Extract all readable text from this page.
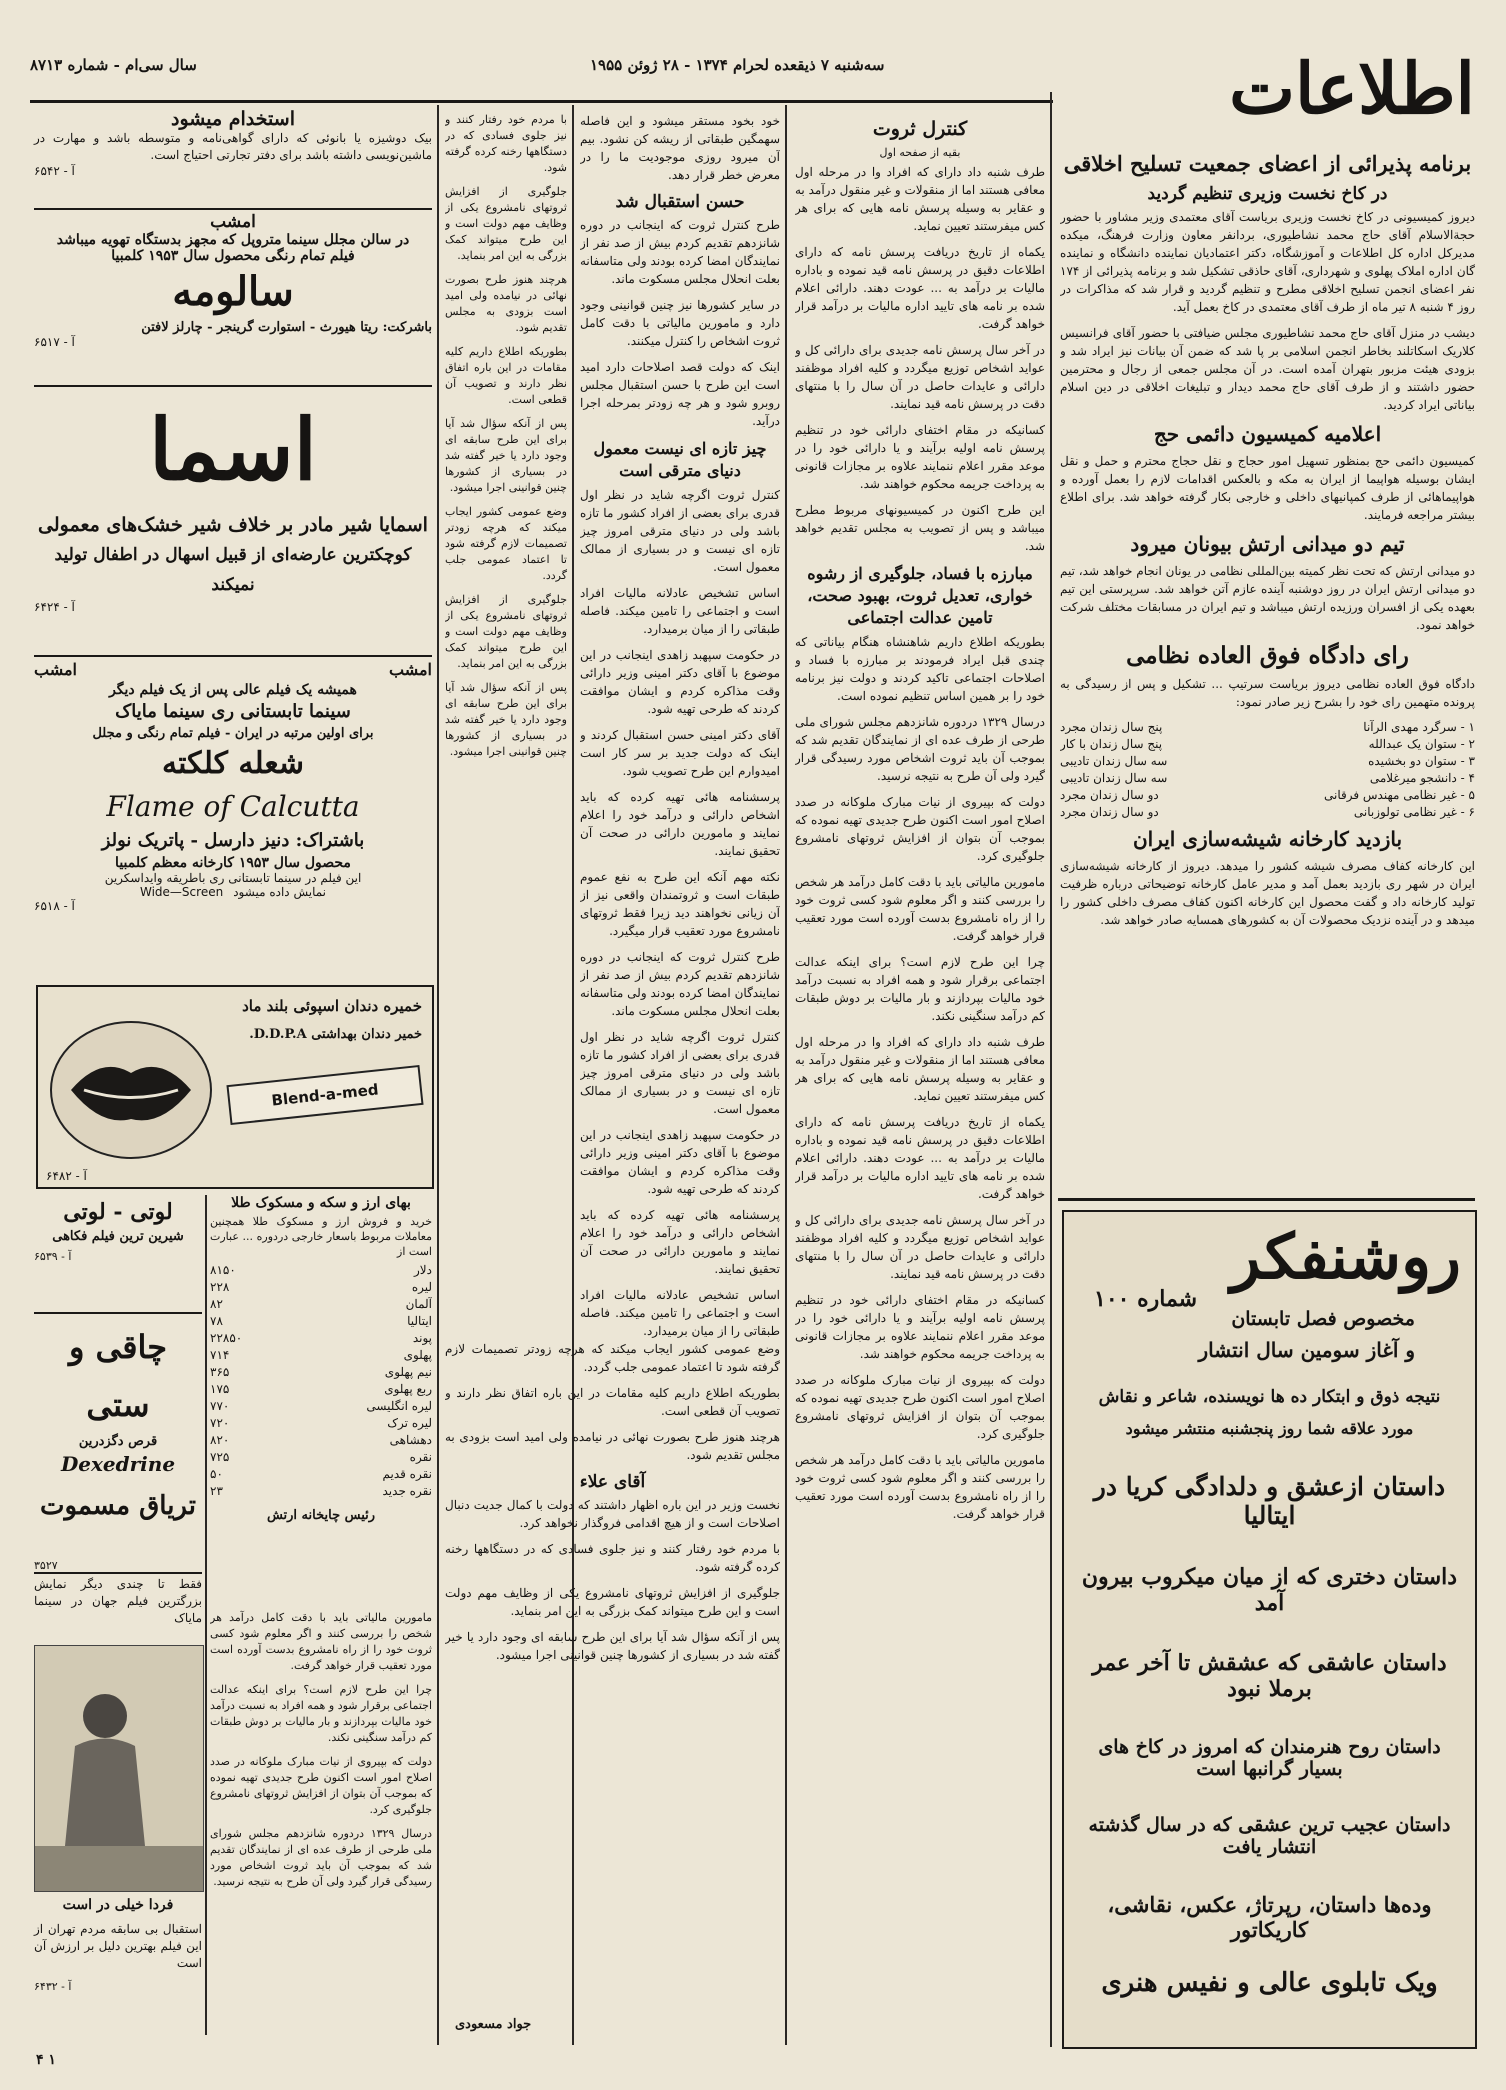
اطلاعات
سال سی‌ام - شماره ۸۷۱۳	سه‌شنبه ۷ ذیقعده لحرام ۱۳۷۴ - ۲۸ ژوئن ۱۹۵۵
برنامه پذیرائی از اعضای جمعیت تسلیح اخلاقی
در کاخ نخست وزیری تنظیم گردید

دیروز کمیسیونی در کاخ نخست وزیری بریاست آقای معتمدی وزیر مشاور با حضور حجةالاسلام آقای حاج محمد نشاطیوری، بردانفر معاون وزارت فرهنگ، میکده مدیرکل اداره کل اطلاعات و آموزشگاه، دکتر اعتمادیان نماینده دانشگاه و نماینده گان اداره املاک پهلوی و شهرداری، آقای حاذقی تشکیل شد و برنامه پذیرائی از ۱۷۴ نفر اعضای انجمن تسلیح اخلاقی مطرح و تنظیم گردید و قرار شد که مذاکرات در روز ۴ شنبه ۸ تیر ماه از طرف آقای معتمدی در کاخ بعمل آید.

دیشب در منزل آقای حاج محمد نشاطیوری مجلس ضیافتی با حضور آقای فرانسیس کلاریک اسکاتلند بخاطر انجمن اسلامی بر پا شد که ضمن آن بیانات نیز ایراد شد و بزودی هیئت مزبور بتهران آمده است. در آن مجلس جمعی از رجال و محترمین حضور داشتند و از طرف آقای حاج محمد دیدار و تبلیغات اخلاقی در دین اسلام بیاناتی ایراد کردید.

اعلامیه کمیسیون دائمی حج

کمیسیون دائمی حج بمنظور تسهیل امور حجاج و نقل حجاج محترم و حمل و نقل ایشان بوسیله هواپیما از ایران به مکه و بالعکس اقدامات لازم را بعمل آورده و هواپیماهائی از طرف کمپانیهای داخلی و خارجی بکار گرفته خواهد شد. برای اطلاع بیشتر مراجعه فرمایند.

تیم دو میدانی ارتش بیونان میرود

دو میدانی ارتش که تحت نظر کمیته بین‌المللی نظامی در یونان انجام خواهد شد، تیم دو میدانی ارتش ایران در روز دوشنبه آینده عازم آتن خواهد شد. سرپرستی این تیم بعهده یکی از افسران ورزیده ارتش میباشد و تیم ایران در مسابقات مختلف شرکت خواهد نمود.

رای دادگاه فوق العاده نظامی

دادگاه فوق العاده نظامی دیروز بریاست سرتیپ ... تشکیل و پس از رسیدگی به پرونده متهمین رای خود را بشرح زیر صادر نمود:

۱ - سرگرد مهدی الرآنا
پنج سال زندان مجرد
۲ - ستوان یک عبدالله
پنج سال زندان با کار
۳ - ستوان دو بخشیده
سه سال زندان تادیبی
۴ - دانشجو میرغلامی
سه سال زندان تادیبی
۵ - غیر نظامی مهندس فرقانی
دو سال زندان مجرد
۶ - غیر نظامی تولوزبانی
دو سال زندان مجرد
بازدید کارخانه شیشه‌سازی ایران

این کارخانه کفاف مصرف شیشه کشور را میدهد. دیروز از کارخانه شیشه‌سازی ایران در شهر ری بازدید بعمل آمد و مدیر عامل کارخانه توضیحاتی درباره ظرفیت تولید کارخانه داد و گفت محصول این کارخانه اکنون کفاف مصرف داخلی کشور را میدهد و در آینده نزدیک محصولات آن به کشورهای همسایه صادر خواهد شد.

روشنفکر
شماره ۱۰۰
مخصوص فصل تابستان
و آغاز سومین سال انتشار
نتیجه ذوق و ابتکار ده ها نویسنده، شاعر و نقاش
مورد علاقه شما روز پنجشنبه منتشر میشود
داستان ازعشق و دلدادگی کریا در ایتالیا
داستان دختری که از میان میکروب بیرون آمد
داستان عاشقی که عشقش تا آخر عمر برملا نبود
داستان روح هنرمندان که امروز در کاخ های بسیار گرانبها است
داستان عجیب ترین عشقی که در سال گذشته انتشار یافت
وده‌ها داستان، رپرتاژ، عکس، نقاشی، کاریکاتور
ویک تابلوی عالی و نفیس هنری
کنترل ثروت
بقیه از صفحه اول

طرف شنبه داد دارای که افراد وا در مرحله اول معافی هستند اما از منقولات و غیر منقول درآمد به و عقایر به وسیله پرسش نامه هایی که برای هر کس میفرستند تعیین نماید.

یکماه از تاریخ دریافت پرسش نامه که دارای اطلاعات دقیق در پرسش نامه قید نموده و باداره مالیات بر درآمد به ... عودت دهند. دارائی اعلام شده بر نامه های تایید اداره مالیات بر درآمد قرار خواهد گرفت.

در آخر سال پرسش نامه جدیدی برای دارائی کل و عواید اشخاص توزیع میگردد و کلیه افراد موظفند دارائی و عایدات حاصل در آن سال را با منتهای دقت در پرسش نامه قید نمایند.

کسانیکه در مقام اختفای دارائی خود در تنظیم پرسش نامه اولیه برآیند و یا دارائی خود را در موعد مقرر اعلام ننمایند علاوه بر مجازات قانونی به پرداخت جریمه محکوم خواهند شد.

این طرح اکنون در کمیسیونهای مربوط مطرح میباشد و پس از تصویب به مجلس تقدیم خواهد شد.

مبارزه با فساد، جلوگیری از رشوه خواری، تعدیل ثروت، بهبود صحت، تامین عدالت اجتماعی

بطوریکه اطلاع داریم شاهنشاه هنگام بیاناتی که چندی قبل ایراد فرمودند بر مبارزه با فساد و اصلاحات اجتماعی تاکید کردند و دولت نیز برنامه خود را بر همین اساس تنظیم نموده است.

درسال ۱۳۲۹ دردوره شانزدهم مجلس شورای ملی طرحی از طرف عده ای از نمایندگان تقدیم شد که بموجب آن باید ثروت اشخاص مورد رسیدگی قرار گیرد ولی آن طرح به نتیجه نرسید.

دولت که بپیروی از نیات مبارک ملوکانه در صدد اصلاح امور است اکنون طرح جدیدی تهیه نموده که بموجب آن بتوان از افزایش ثروتهای نامشروع جلوگیری کرد.

مامورین مالیاتی باید با دقت کامل درآمد هر شخص را بررسی کنند و اگر معلوم شود کسی ثروت خود را از راه نامشروع بدست آورده است مورد تعقیب قرار خواهد گرفت.

چرا این طرح لازم است؟ برای اینکه عدالت اجتماعی برقرار شود و همه افراد به نسبت درآمد خود مالیات بپردازند و بار مالیات بر دوش طبقات کم درآمد سنگینی نکند.

طرف شنبه داد دارای که افراد وا در مرحله اول معافی هستند اما از منقولات و غیر منقول درآمد به و عقایر به وسیله پرسش نامه هایی که برای هر کس میفرستند تعیین نماید.

یکماه از تاریخ دریافت پرسش نامه که دارای اطلاعات دقیق در پرسش نامه قید نموده و باداره مالیات بر درآمد به ... عودت دهند. دارائی اعلام شده بر نامه های تایید اداره مالیات بر درآمد قرار خواهد گرفت.

در آخر سال پرسش نامه جدیدی برای دارائی کل و عواید اشخاص توزیع میگردد و کلیه افراد موظفند دارائی و عایدات حاصل در آن سال را با منتهای دقت در پرسش نامه قید نمایند.

کسانیکه در مقام اختفای دارائی خود در تنظیم پرسش نامه اولیه برآیند و یا دارائی خود را در موعد مقرر اعلام ننمایند علاوه بر مجازات قانونی به پرداخت جریمه محکوم خواهند شد.

دولت که بپیروی از نیات مبارک ملوکانه در صدد اصلاح امور است اکنون طرح جدیدی تهیه نموده که بموجب آن بتوان از افزایش ثروتهای نامشروع جلوگیری کرد.

مامورین مالیاتی باید با دقت کامل درآمد هر شخص را بررسی کنند و اگر معلوم شود کسی ثروت خود را از راه نامشروع بدست آورده است مورد تعقیب قرار خواهد گرفت.

خود بخود مستقر میشود و این فاصله سهمگین طبقاتی از ریشه کن نشود. بیم آن میرود روزی موجودیت ما را در معرض خطر قرار دهد.

حسن استقبال شد

طرح کنترل ثروت که اینجانب در دوره شانزدهم تقدیم کردم بیش از صد نفر از نمایندگان امضا کرده بودند ولی متاسفانه بعلت انحلال مجلس مسکوت ماند.

در سایر کشورها نیز چنین قوانینی وجود دارد و مامورین مالیاتی با دقت کامل ثروت اشخاص را کنترل میکنند.

اینک که دولت قصد اصلاحات دارد امید است این طرح با حسن استقبال مجلس روبرو شود و هر چه زودتر بمرحله اجرا درآید.

چیز تازه ای نیست معمول دنیای مترقی است

کنترل ثروت اگرچه شاید در نظر اول قدری برای بعضی از افراد کشور ما تازه باشد ولی در دنیای مترقی امروز چیز تازه ای نیست و در بسیاری از ممالک معمول است.

اساس تشخیص عادلانه مالیات افراد است و اجتماعی را تامین میکند. فاصله طبقاتی را از میان برمیدارد.

در حکومت سپهبد زاهدی اینجانب در این موضوع با آقای دکتر امینی وزیر دارائی وقت مذاکره کردم و ایشان موافقت کردند که طرحی تهیه شود.

آقای دکتر امینی حسن استقبال کردند و اینک که دولت جدید بر سر کار است امیدوارم این طرح تصویب شود.

پرسشنامه هائی تهیه کرده که باید اشخاص دارائی و درآمد خود را اعلام نمایند و مامورین دارائی در صحت آن تحقیق نمایند.

نکته مهم آنکه این طرح به نفع عموم طبقات است و ثروتمندان واقعی نیز از آن زیانی نخواهند دید زیرا فقط ثروتهای نامشروع مورد تعقیب قرار میگیرد.

طرح کنترل ثروت که اینجانب در دوره شانزدهم تقدیم کردم بیش از صد نفر از نمایندگان امضا کرده بودند ولی متاسفانه بعلت انحلال مجلس مسکوت ماند.

کنترل ثروت اگرچه شاید در نظر اول قدری برای بعضی از افراد کشور ما تازه باشد ولی در دنیای مترقی امروز چیز تازه ای نیست و در بسیاری از ممالک معمول است.

در حکومت سپهبد زاهدی اینجانب در این موضوع با آقای دکتر امینی وزیر دارائی وقت مذاکره کردم و ایشان موافقت کردند که طرحی تهیه شود.

پرسشنامه هائی تهیه کرده که باید اشخاص دارائی و درآمد خود را اعلام نمایند و مامورین دارائی در صحت آن تحقیق نمایند.

اساس تشخیص عادلانه مالیات افراد است و اجتماعی را تامین میکند. فاصله طبقاتی را از میان برمیدارد.

با مردم خود رفتار کنند و نیز جلوی فسادی که در دستگاهها رخنه کرده گرفته شود.

جلوگیری از افزایش ثروتهای نامشروع یکی از وظایف مهم دولت است و این طرح میتواند کمک بزرگی به این امر بنماید.

هرچند هنوز طرح بصورت نهائی در نیامده ولی امید است بزودی به مجلس تقدیم شود.

بطوریکه اطلاع داریم کلیه مقامات در این باره اتفاق نظر دارند و تصویب آن قطعی است.

پس از آنکه سؤال شد آیا برای این طرح سابقه ای وجود دارد یا خیر گفته شد در بسیاری از کشورها چنین قوانینی اجرا میشود.

وضع عمومی کشور ایجاب میکند که هرچه زودتر تصمیمات لازم گرفته شود تا اعتماد عمومی جلب گردد.

جلوگیری از افزایش ثروتهای نامشروع یکی از وظایف مهم دولت است و این طرح میتواند کمک بزرگی به این امر بنماید.

پس از آنکه سؤال شد آیا برای این طرح سابقه ای وجود دارد یا خیر گفته شد در بسیاری از کشورها چنین قوانینی اجرا میشود.

وضع عمومی کشور ایجاب میکند که هرچه زودتر تصمیمات لازم گرفته شود تا اعتماد عمومی جلب گردد.

بطوریکه اطلاع داریم کلیه مقامات در این باره اتفاق نظر دارند و تصویب آن قطعی است.

هرچند هنوز طرح بصورت نهائی در نیامده ولی امید است بزودی به مجلس تقدیم شود.

آقای علاء

نخست وزیر در این باره اظهار داشتند که دولت با کمال جدیت دنبال اصلاحات است و از هیچ اقدامی فروگذار نخواهد کرد.

با مردم خود رفتار کنند و نیز جلوی فسادی که در دستگاهها رخنه کرده گرفته شود.

جلوگیری از افزایش ثروتهای نامشروع یکی از وظایف مهم دولت است و این طرح میتواند کمک بزرگی به این امر بنماید.

پس از آنکه سؤال شد آیا برای این طرح سابقه ای وجود دارد یا خیر گفته شد در بسیاری از کشورها چنین قوانینی اجرا میشود.

جواد مسعودی
استخدام میشود
بیک دوشیزه یا بانوئی که دارای گواهی‌نامه و متوسطه باشد و مهارت در ماشین‌نویسی داشته باشد برای دفتر تجارتی احتیاج است.
آ - ۶۵۴۲
امشب
در سالن مجلل سینما متروپل که مجهز بدستگاه تهویه میباشد
فیلم تمام رنگی محصول سال ۱۹۵۳ کلمبیا
سالومه
باشرکت: ریتا هیورث - استوارت گرینجر - چارلز لافتن
آ - ۶۵۱۷
اسما
اسمایا شیر مادر بر خلاف شیر خشک‌های معمولی
کوچکترین عارضه‌ای از قبیل اسهال در اطفال تولید نمیکند
آ - ۶۴۲۴
امشب	امشب
همیشه یک فیلم عالی پس از یک فیلم دیگر
سینما تابستانی ری سینما مایاک
برای اولین مرتبه در ایران - فیلم تمام رنگی و مجلل
شعله کلکته
Flame of Calcutta
باشتراک: دنیز دارسل - پاتریک نولز
محصول سال ۱۹۵۳ کارخانه معظم کلمبیا
این فیلم در سینما تابستانی ری باطریقه وایداسکرین
نمایش داده میشود
Wide—Screen
آ - ۶۵۱۸
خمیره دندان اسپوئی بلند ماد
خمیر دندان بهداشتی D.D.P.A.
Blend-a-med
آ - ۶۴۸۲
بهای ارز و سکه و مسکوک طلا
خرید و فروش ارز و مسکوک طلا همچنین معاملات مربوط باسعار خارجی دردوره ... عبارت است از
دلار
۸۱۵۰
لیره
۲۲۸
آلمان
۸۲
ایتالیا
۷۸
پوند
۲۲۸۵۰
پهلوی
۷۱۴
نیم پهلوی
۳۶۵
ربع پهلوی
۱۷۵
لیره انگلیسی
۷۷۰
لیره ترک
۷۲۰
دهشاهی
۸۲۰
نقره
۷۲۵
نقره قدیم
۵۰
نقره جدید
۲۳
رئیس چایخانه ارتش
لوتی - لوتی
شیرین ترین فیلم فکاهی
آ - ۶۵۳۹
چاقی و ستی
قرص دگزدرین
Dexedrine
تریاق مسموت
۳۵۲۷
فقط تا چندی دیگر نمایش بزرگترین فیلم جهان در سینما مایاک
فردا خیلی در است
استقبال بی سابقه مردم تهران از این فیلم بهترین دلیل بر ارزش آن است
آ - ۶۴۳۲

مامورین مالیاتی باید با دقت کامل درآمد هر شخص را بررسی کنند و اگر معلوم شود کسی ثروت خود را از راه نامشروع بدست آورده است مورد تعقیب قرار خواهد گرفت.

چرا این طرح لازم است؟ برای اینکه عدالت اجتماعی برقرار شود و همه افراد به نسبت درآمد خود مالیات بپردازند و بار مالیات بر دوش طبقات کم درآمد سنگینی نکند.

دولت که بپیروی از نیات مبارک ملوکانه در صدد اصلاح امور است اکنون طرح جدیدی تهیه نموده که بموجب آن بتوان از افزایش ثروتهای نامشروع جلوگیری کرد.

درسال ۱۳۲۹ دردوره شانزدهم مجلس شورای ملی طرحی از طرف عده ای از نمایندگان تقدیم شد که بموجب آن باید ثروت اشخاص مورد رسیدگی قرار گیرد ولی آن طرح به نتیجه نرسید.

۱ ۴
